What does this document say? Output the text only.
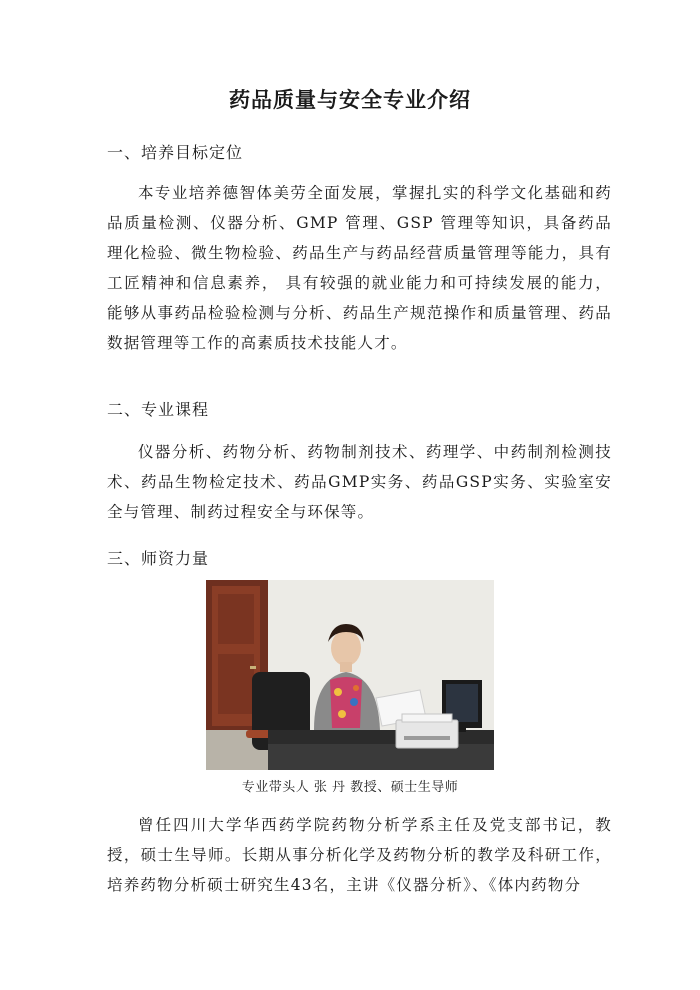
药品质量与安全专业介绍
一、培养目标定位

本专业培养德智体美劳全面发展，掌握扎实的科学文化基础和药品质量检测、仪器分析、GMP 管理、GSP 管理等知识，具备药品理化检验、微生物检验、药品生产与药品经营质量管理等能力，具有工匠精神和信息素养， 具有较强的就业能力和可持续发展的能力，能够从事药品检验检测与分析、药品生产规范操作和质量管理、药品数据管理等工作的高素质技术技能人才。

二、专业课程

仪器分析、药物分析、药物制剂技术、药理学、中药制剂检测技术、药品生物检定技术、药品GMP实务、药品GSP实务、实验室安全与管理、制药过程安全与环保等。

三、师资力量
专业带头人 张 丹 教授、硕士生导师

曾任四川大学华西药学院药物分析学系主任及党支部书记，教授，硕士生导师。长期从事分析化学及药物分析的教学及科研工作，培养药物分析硕士研究生43名，主讲《仪器分析》、《体内药物分
